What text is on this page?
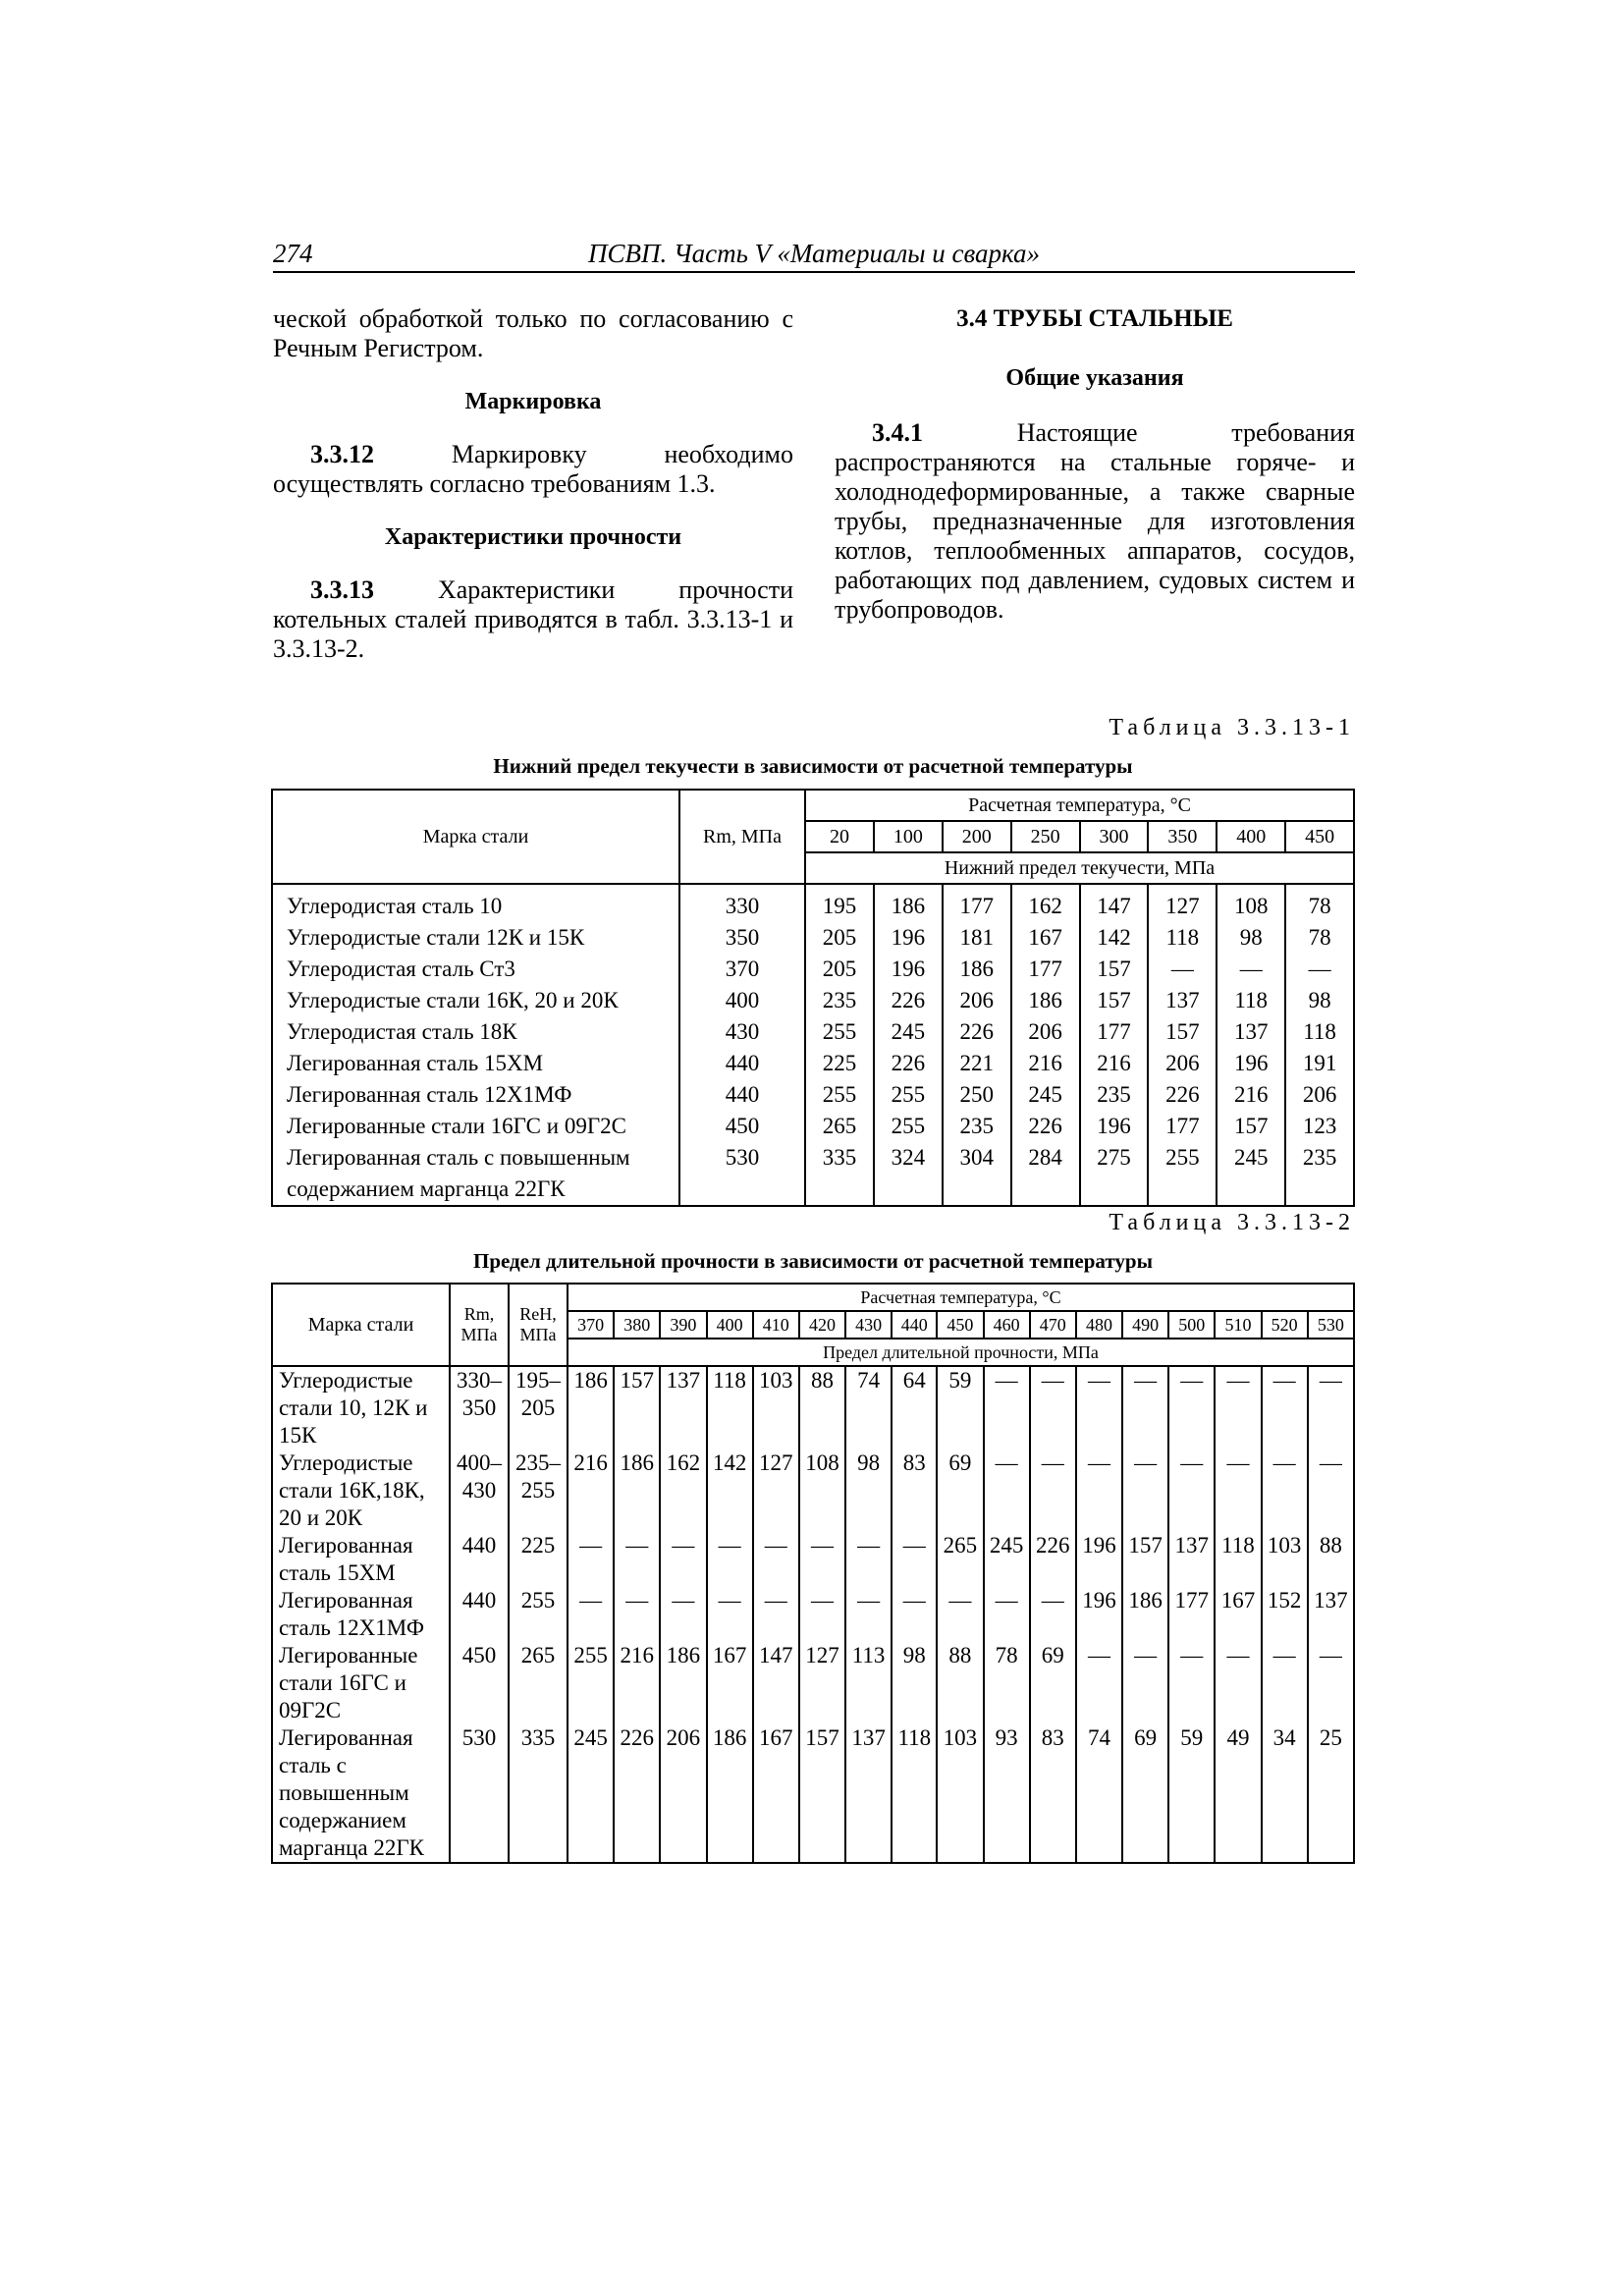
274	ПСВП. Часть V «Материалы и сварка»

ческой обработкой только по согласованию с Речным Регистром.

Маркировка

3.3.12 Маркировку необходимо осуществлять согласно требованиям 1.3.

Характеристики прочности

3.3.13 Характеристики прочности котельных сталей приводятся в табл. 3.3.13-1 и 3.3.13-2.

3.4 ТРУБЫ СТАЛЬНЫЕ
Общие указания

3.4.1 Настоящие требования распространяются на стальные горяче- и холоднодеформированные, а также сварные трубы, предназначенные для изготовления котлов, теплообменных аппаратов, сосудов, работающих под давлением, судовых систем и трубопроводов.

Таблица 3.3.13-1
Нижний предел текучести в зависимости от расчетной температуры
Марка стали	Rm, МПа	Расчетная температура, °С							
		20	100	200	250	300	350	400	450
		Нижний предел текучести, МПа							
Углеродистая сталь 10	330	195	186	177	162	147	127	108	78
Углеродистые стали 12К и 15К	350	205	196	181	167	142	118	98	78
Углеродистая сталь Ст3	370	205	196	186	177	157	—	—	—
Углеродистые стали 16К, 20 и 20К	400	235	226	206	186	157	137	118	98
Углеродистая сталь 18К	430	255	245	226	206	177	157	137	118
Легированная сталь 15ХМ	440	225	226	221	216	216	206	196	191
Легированная сталь 12Х1МФ	440	255	255	250	245	235	226	216	206
Легированные стали 16ГС и 09Г2С	450	265	255	235	226	196	177	157	123
Легированная сталь с повышенным содержанием марганца 22ГК	530	335	324	304	284	275	255	245	235
Таблица 3.3.13-2
Предел длительной прочности в зависимости от расчетной температуры
Марка стали	Rm, МПа	ReH, МПа	Расчетная температура, °С																
			370	380	390	400	410	420	430	440	450	460	470	480	490	500	510	520	530
			Предел длительной прочности, МПа																
Углеродистые стали 10, 12К и 15К	330–350	195–205	186	157	137	118	103	88	74	64	59	—	—	—	—	—	—	—	—
Углеродистые стали 16К,18К, 20 и 20К	400–430	235–255	216	186	162	142	127	108	98	83	69	—	—	—	—	—	—	—	—
Легированная сталь 15ХМ	440	225	—	—	—	—	—	—	—	—	265	245	226	196	157	137	118	103	88
Легированная сталь 12Х1МФ	440	255	—	—	—	—	—	—	—	—	—	—	—	196	186	177	167	152	137
Легированные стали 16ГС и 09Г2С	450	265	255	216	186	167	147	127	113	98	88	78	69	—	—	—	—	—	—
Легированная сталь с повышенным содержанием марганца 22ГК	530	335	245	226	206	186	167	157	137	118	103	93	83	74	69	59	49	34	25
